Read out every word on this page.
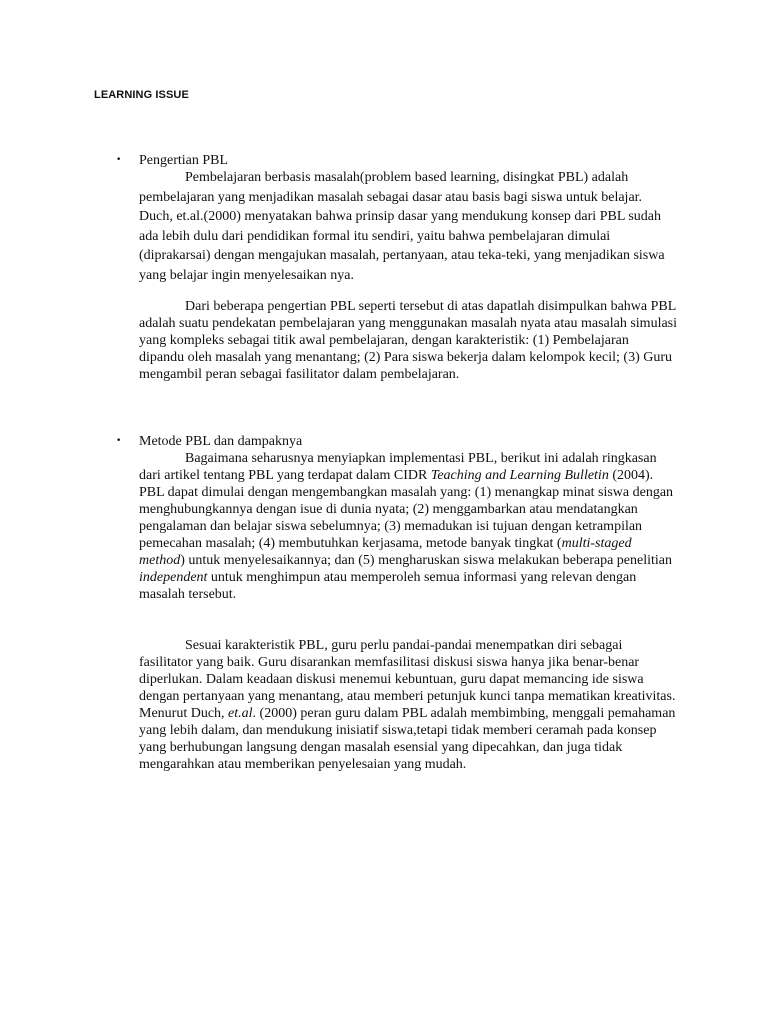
LEARNING ISSUE
• Pengertian PBL

Pembelajaran berbasis masalah(problem based learning, disingkat PBL) adalah pembelajaran yang menjadikan masalah sebagai dasar atau basis bagi siswa untuk belajar. Duch, et.al.(2000) menyatakan bahwa prinsip dasar yang mendukung konsep dari PBL sudah ada lebih dulu dari pendidikan formal itu sendiri, yaitu bahwa pembelajaran dimulai (diprakarsai) dengan mengajukan masalah, pertanyaan, atau teka-teki, yang menjadikan siswa yang belajar ingin menyelesaikan nya.

Dari beberapa pengertian PBL seperti tersebut di atas dapatlah disimpulkan bahwa PBL adalah suatu pendekatan pembelajaran yang menggunakan masalah nyata atau masalah simulasi yang kompleks sebagai titik awal pembelajaran, dengan karakteristik: (1) Pembelajaran dipandu oleh masalah yang menantang; (2) Para siswa bekerja dalam kelompok kecil; (3) Guru mengambil peran sebagai fasilitator dalam pembelajaran.

• Metode PBL dan dampaknya

Bagaimana seharusnya menyiapkan implementasi PBL, berikut ini adalah ringkasan dari artikel tentang PBL yang terdapat dalam CIDR Teaching and Learning Bulletin (2004). PBL dapat dimulai dengan mengembangkan masalah yang: (1) menangkap minat siswa dengan menghubungkannya dengan isue di dunia nyata; (2) menggambarkan atau mendatangkan pengalaman dan belajar siswa sebelumnya; (3) memadukan isi tujuan dengan ketrampilan pemecahan masalah; (4) membutuhkan kerjasama, metode banyak tingkat (multi-staged method) untuk menyelesaikannya; dan (5) mengharuskan siswa melakukan beberapa penelitian independent untuk menghimpun atau memperoleh semua informasi yang relevan dengan masalah tersebut.

Sesuai karakteristik PBL, guru perlu pandai-pandai menempatkan diri sebagai fasilitator yang baik. Guru disarankan memfasilitasi diskusi siswa hanya jika benar-benar diperlukan. Dalam keadaan diskusi menemui kebuntuan, guru dapat memancing ide siswa dengan pertanyaan yang menantang, atau memberi petunjuk kunci tanpa mematikan kreativitas. Menurut Duch, et.al. (2000) peran guru dalam PBL adalah membimbing, menggali pemahaman yang lebih dalam, dan mendukung inisiatif siswa,tetapi tidak memberi ceramah pada konsep yang berhubungan langsung dengan masalah esensial yang dipecahkan, dan juga tidak mengarahkan atau memberikan penyelesaian yang mudah.
